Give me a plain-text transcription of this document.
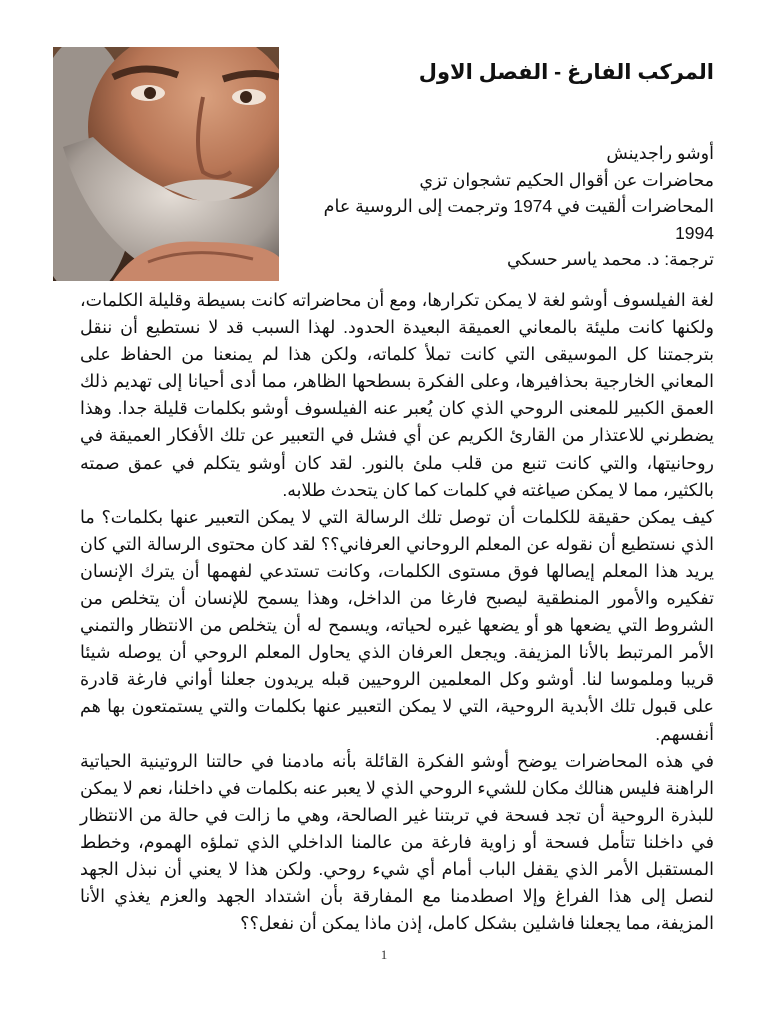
المركب الفارغ - الفصل الاول
أوشو راجدينش
محاضرات عن أقوال الحكيم تشجوان تزي
المحاضرات ألقيت في 1974 وترجمت إلى الروسية عام
1994
ترجمة: د. محمد ياسر حسكي

لغة الفيلسوف أوشو لغة لا يمكن تكرارها، ومع أن محاضراته كانت بسيطة وقليلة الكلمات، ولكنها كانت مليئة بالمعاني العميقة البعيدة الحدود. لهذا السبب قد لا نستطيع أن ننقل بترجمتنا كل الموسيقى التي كانت تملأ كلماته، ولكن هذا لم يمنعنا من الحفاظ على المعاني الخارجية بحذافيرها، وعلى الفكرة بسطحها الظاهر، مما أدى أحيانا إلى تهديم ذلك العمق الكبير للمعنى الروحي الذي كان يُعبر عنه الفيلسوف أوشو بكلمات قليلة جدا. وهذا يضطرني للاعتذار من القارئ الكريم عن أي فشل في التعبير عن تلك الأفكار العميقة في روحانيتها، والتي كانت تنبع من قلب ملئ بالنور. لقد كان أوشو يتكلم في عمق صمته بالكثير، مما لا يمكن صياغته في كلمات كما كان يتحدث طلابه.

كيف يمكن حقيقة للكلمات أن توصل تلك الرسالة التي لا يمكن التعبير عنها بكلمات؟ ما الذي نستطيع أن نقوله عن المعلم الروحاني العرفاني؟؟ لقد كان محتوى الرسالة التي كان يريد هذا المعلم إيصالها فوق مستوى الكلمات، وكانت تستدعي لفهمها أن يترك الإنسان تفكيره والأمور المنطقية ليصبح فارغا من الداخل، وهذا يسمح للإنسان أن يتخلص من الشروط التي يضعها هو أو يضعها غيره لحياته، ويسمح له أن يتخلص من الانتظار والتمني الأمر المرتبط بالأنا المزيفة. ويجعل العرفان الذي يحاول المعلم الروحي أن يوصله شيئا قريبا وملموسا لنا. أوشو وكل المعلمين الروحيين قبله يريدون جعلنا أواني فارغة قادرة على قبول تلك الأبدية الروحية، التي لا يمكن التعبير عنها بكلمات والتي يستمتعون بها هم أنفسهم.

في هذه المحاضرات يوضح أوشو الفكرة القائلة بأنه مادمنا في حالتنا الروتينية الحياتية الراهنة فليس هنالك مكان للشيء الروحي الذي لا يعبر عنه بكلمات في داخلنا، نعم لا يمكن للبذرة الروحية أن تجد فسحة في تربتنا غير الصالحة، وهي ما زالت في حالة من الانتظار في داخلنا تتأمل فسحة أو زاوية فارغة من عالمنا الداخلي الذي تملؤه الهموم، وخطط المستقبل الأمر الذي يقفل الباب أمام أي شيء روحي. ولكن هذا لا يعني أن نبذل الجهد لنصل إلى هذا الفراغ وإلا اصطدمنا مع المفارقة بأن اشتداد الجهد والعزم يغذي الأنا المزيفة، مما يجعلنا فاشلين بشكل كامل، إذن ماذا يمكن أن نفعل؟؟

1
